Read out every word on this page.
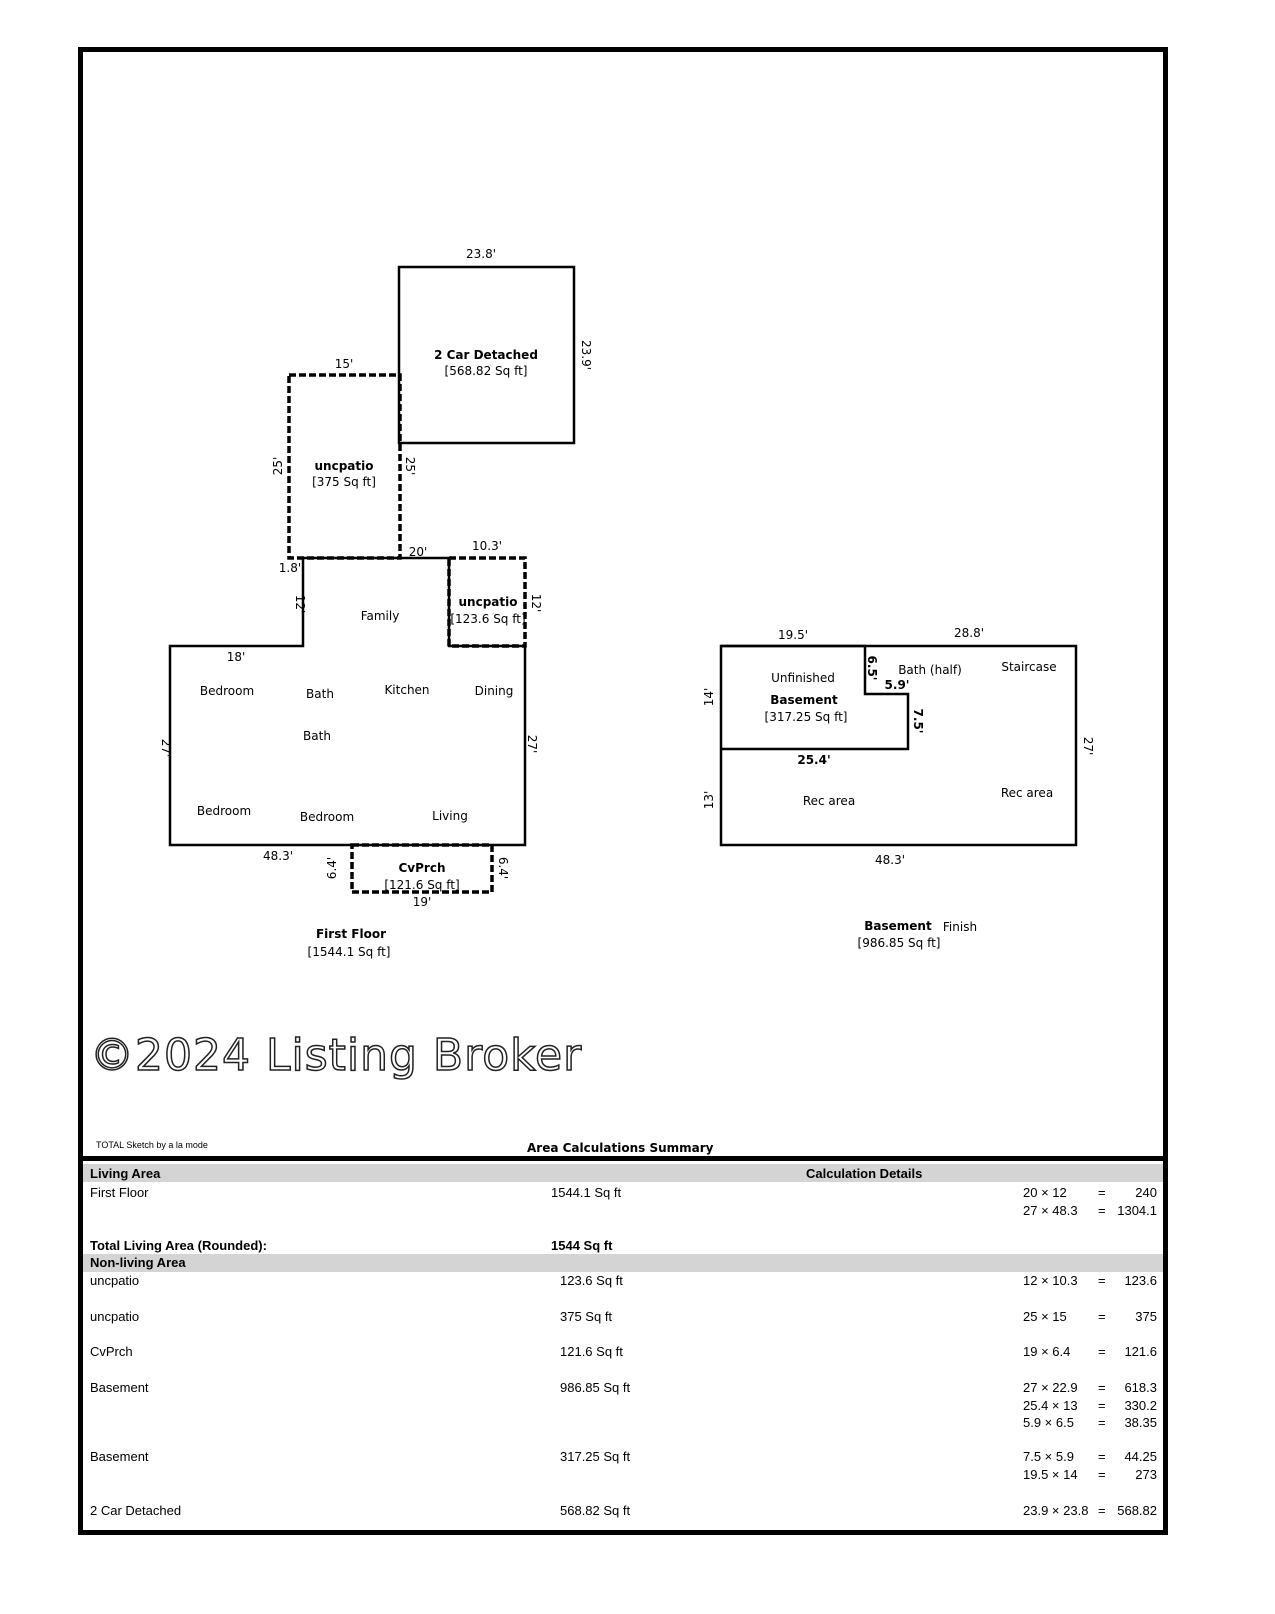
23.8'
2 Car Detached
[568.82 Sq ft]
23.9'
15'
uncpatio
[375 Sq ft]
25'	25'
20'	10.3'
uncpatio
[123.6 Sq ft]
12'
1.8'
12'
18'
27'	27'
48.3'
Family
Bedroom	Bath	Kitchen	Dining
Bath
Bedroom	Bedroom	Living
CvPrch
[121.6 Sq ft]
6.4'	6.4'
19'
First Floor
[1544.1 Sq ft]
19.5'	28.8'
14'
13'
27'
48.3'
25.4'
6.5'
5.9'
7.5'
Unfinished
Basement
[317.25 Sq ft]
Bath (half)	Staircase
Rec area
Rec area
Basement Finish
[986.85 Sq ft]
TOTAL Sketch by a la mode	Area Calculations Summary
Living Area	Calculation Details
First Floor	1544.1 Sq ft	20 × 12 = 240
27 × 48.3 = 1304.1
uncpatio	123.6 Sq ft	12 × 10.3 = 123.6
uncpatio	375 Sq ft	25 × 15 = 375
CvPrch	121.6 Sq ft	19 × 6.4 = 121.6
Basement	986.85 Sq ft	27 × 22.9 = 618.3
25.4 × 13 = 330.2
5.9 × 6.5 = 38.35
Basement	317.25 Sq ft	7.5 × 5.9 = 44.25
19.5 × 14 = 273
2 Car Detached	568.82 Sq ft	23.9 × 23.8 = 568.82
Total Living Area (Rounded):	1544 Sq ft
Non-living Area
©2024 Listing Broker
